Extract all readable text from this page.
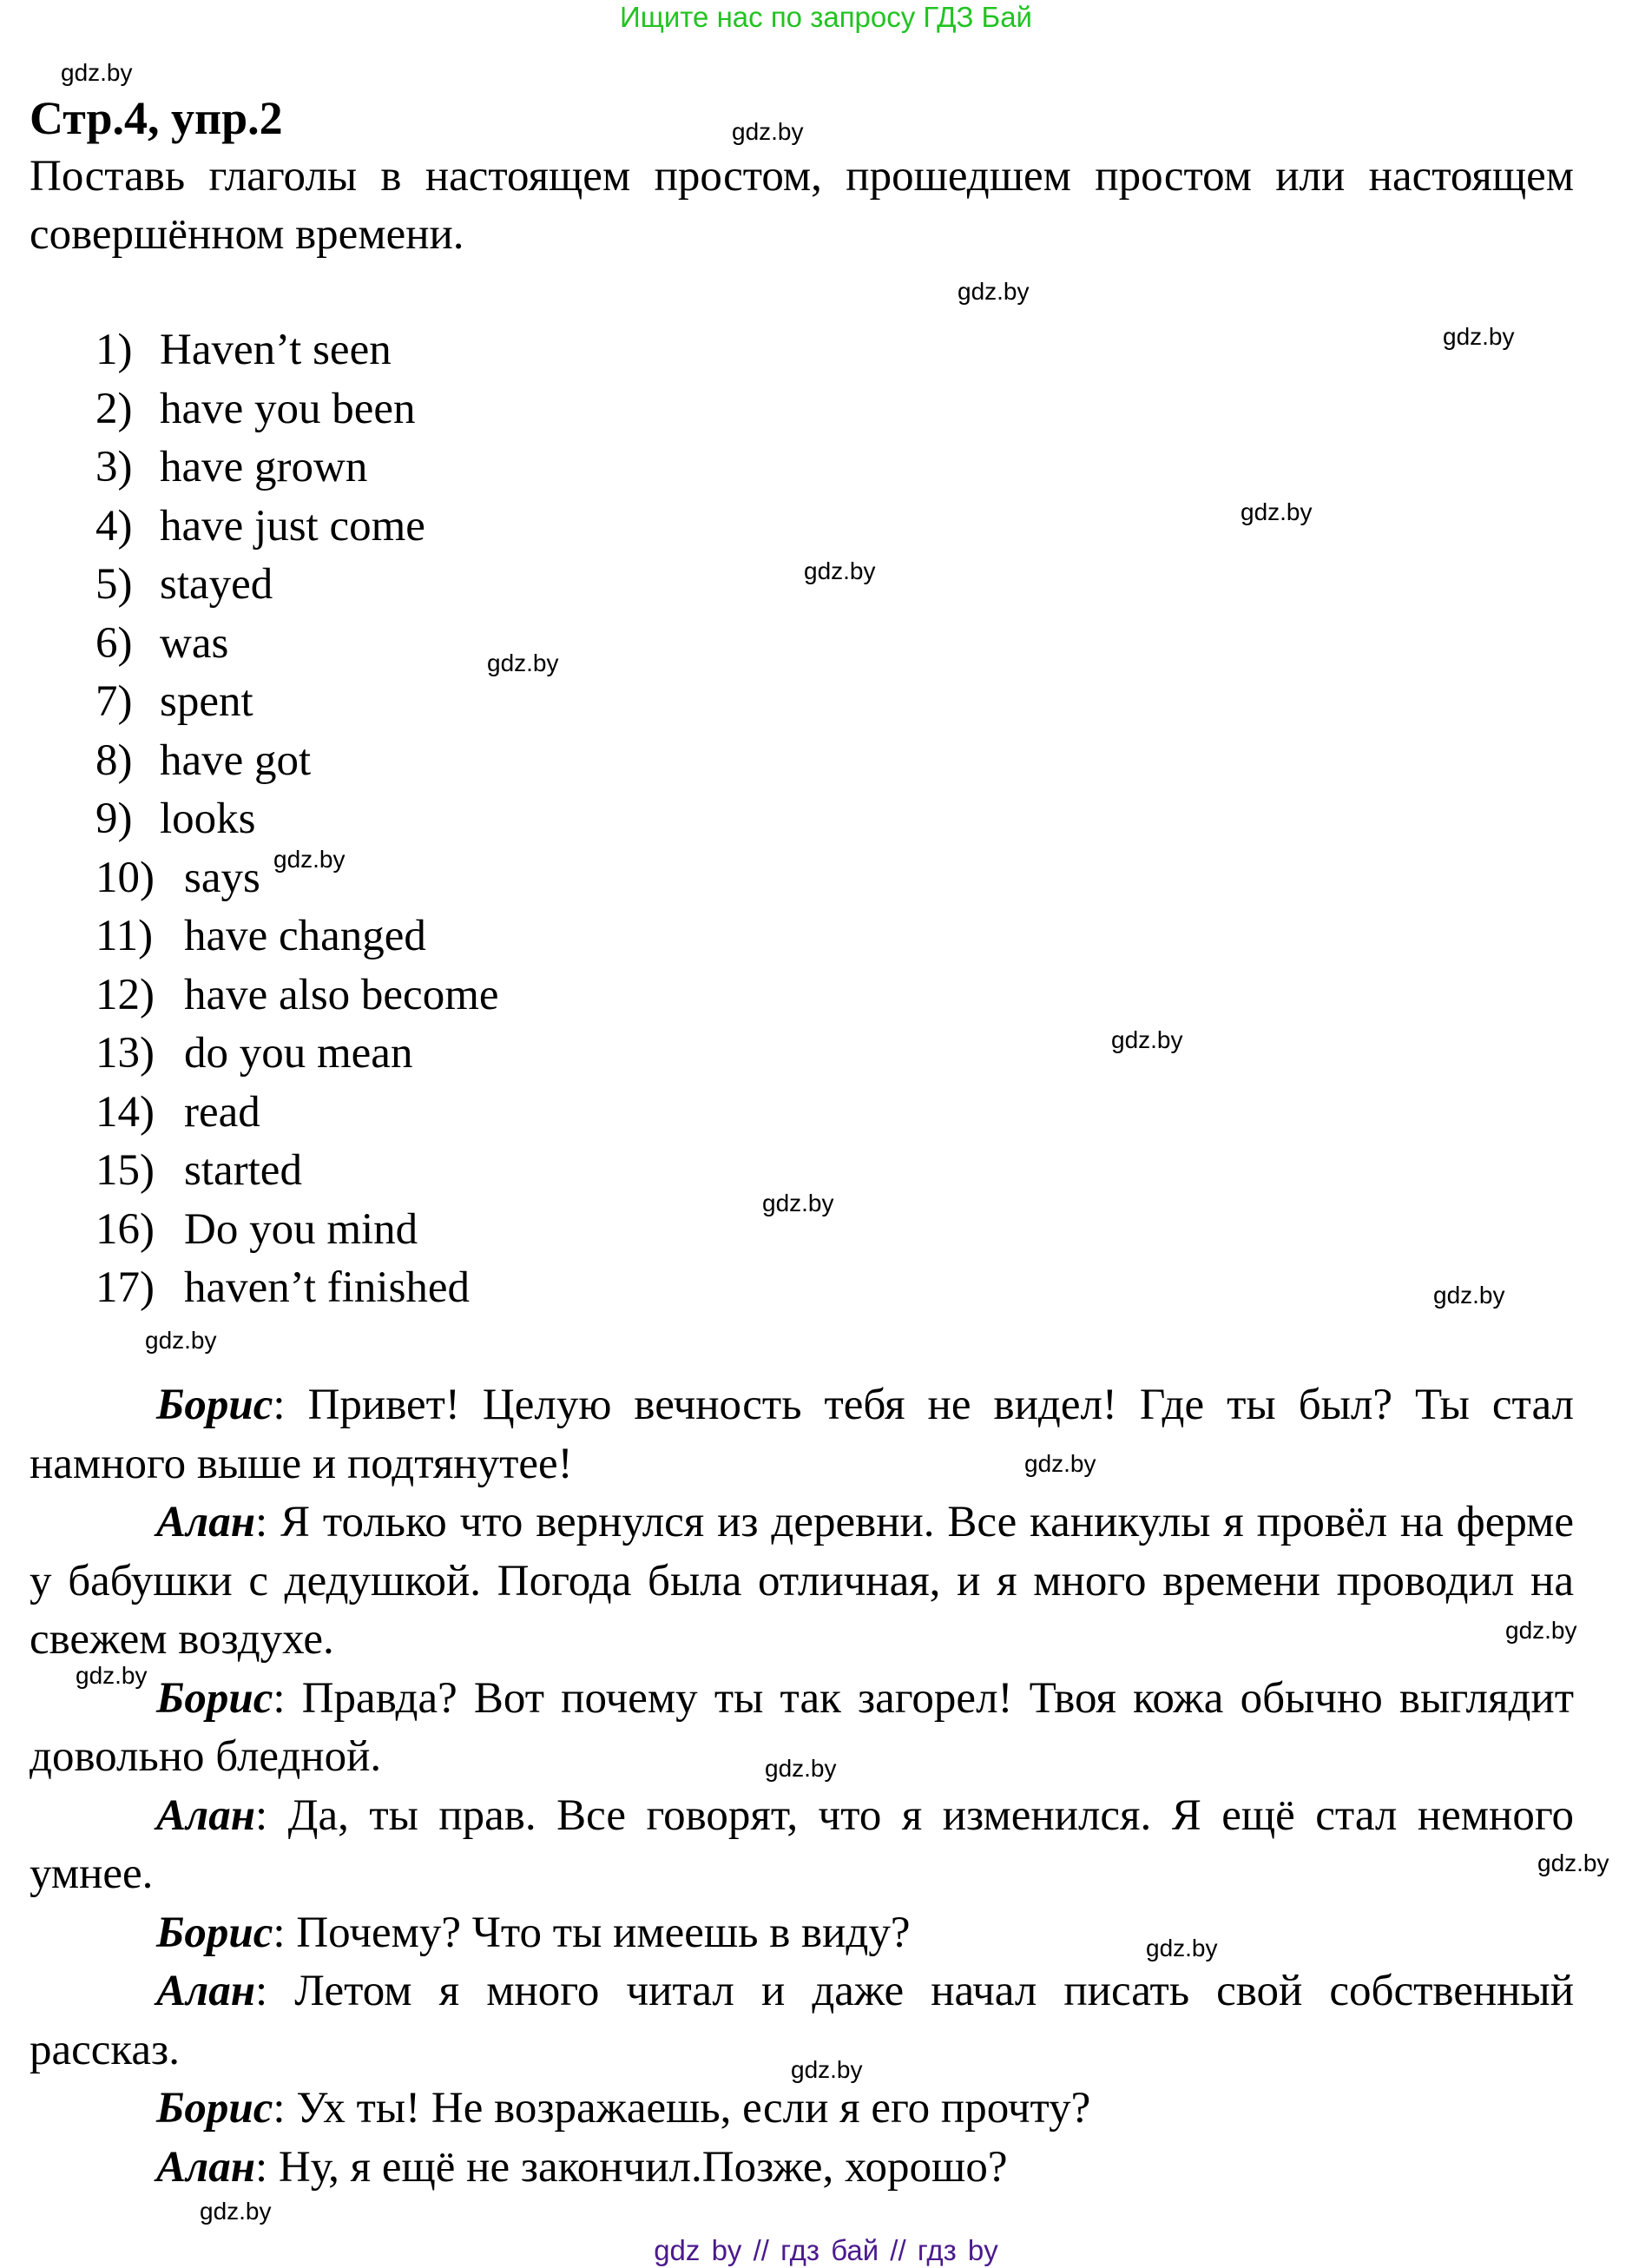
Ищите нас по запросу ГДЗ Бай
Стр.4, упр.2

Поставь глаголы в настоящем простом, прошедшем простом или настоящем совершённом времени.

1) Haven’t seen
2) have you been
3) have grown
4) have just come
5) stayed
6) was
7) spent
8) have got
9) looks
10) says
11) have changed
12) have also become
13) do you mean
14) read
15) started
16) Do you mind
17) haven’t finished

Борис: Привет! Целую вечность тебя не видел! Где ты был? Ты стал намного выше и подтянутее!

Алан: Я только что вернулся из деревни. Все каникулы я провёл на ферме у бабушки с дедушкой. Погода была отличная, и я много времени проводил на свежем воздухе.

Борис: Правда? Вот почему ты так загорел! Твоя кожа обычно выглядит довольно бледной.

Алан: Да, ты прав. Все говорят, что я изменился. Я ещё стал немного умнее.

Борис: Почему? Что ты имеешь в виду?

Алан: Летом я много читал и даже начал писать свой собственный рассказ.

Борис: Ух ты! Не возражаешь, если я его прочту?

Алан: Ну, я ещё не закончил.Позже, хорошо?

gdz.by
gdz.by
gdz.by
gdz.by
gdz.by
gdz.by
gdz.by
gdz.by
gdz.by
gdz.by
gdz.by
gdz.by
gdz.by
gdz.by
gdz.by
gdz.by
gdz.by
gdz.by
gdz.by
gdz.by
gdz by // гдз бай // гдз by
